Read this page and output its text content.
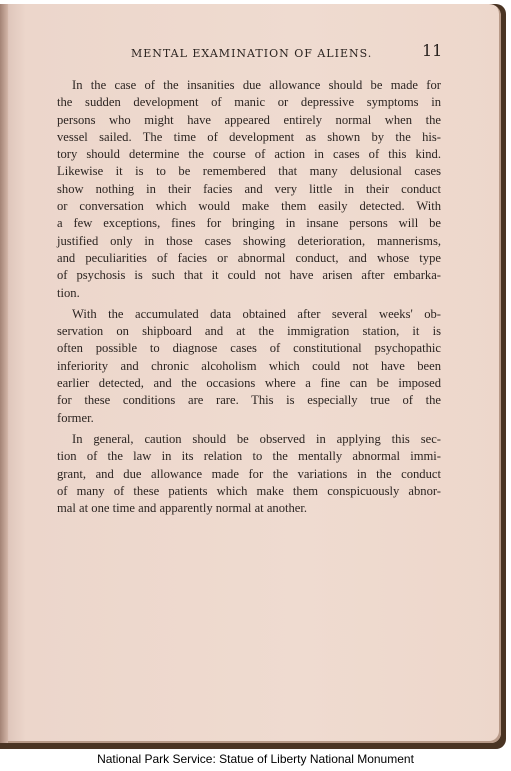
MENTAL EXAMINATION OF ALIENS.	11

In the case of the insanities due allowance should be made for
the sudden development of manic or depressive symptoms in
persons who might have appeared entirely normal when the
vessel sailed. The time of development as shown by the his-
tory should determine the course of action in cases of this kind.
Likewise it is to be remembered that many delusional cases
show nothing in their facies and very little in their conduct
or conversation which would make them easily detected. With
a few exceptions, fines for bringing in insane persons will be
justified only in those cases showing deterioration, mannerisms,
and peculiarities of facies or abnormal conduct, and whose type
of psychosis is such that it could not have arisen after embarka-
tion.

With the accumulated data obtained after several weeks' ob-
servation on shipboard and at the immigration station, it is
often possible to diagnose cases of constitutional psychopathic
inferiority and chronic alcoholism which could not have been
earlier detected, and the occasions where a fine can be imposed
for these conditions are rare. This is especially true of the
former.

In general, caution should be observed in applying this sec-
tion of the law in its relation to the mentally abnormal immi-
grant, and due allowance made for the variations in the conduct
of many of these patients which make them conspicuously abnor-
mal at one time and apparently normal at another.

National Park Service: Statue of Liberty National Monument
